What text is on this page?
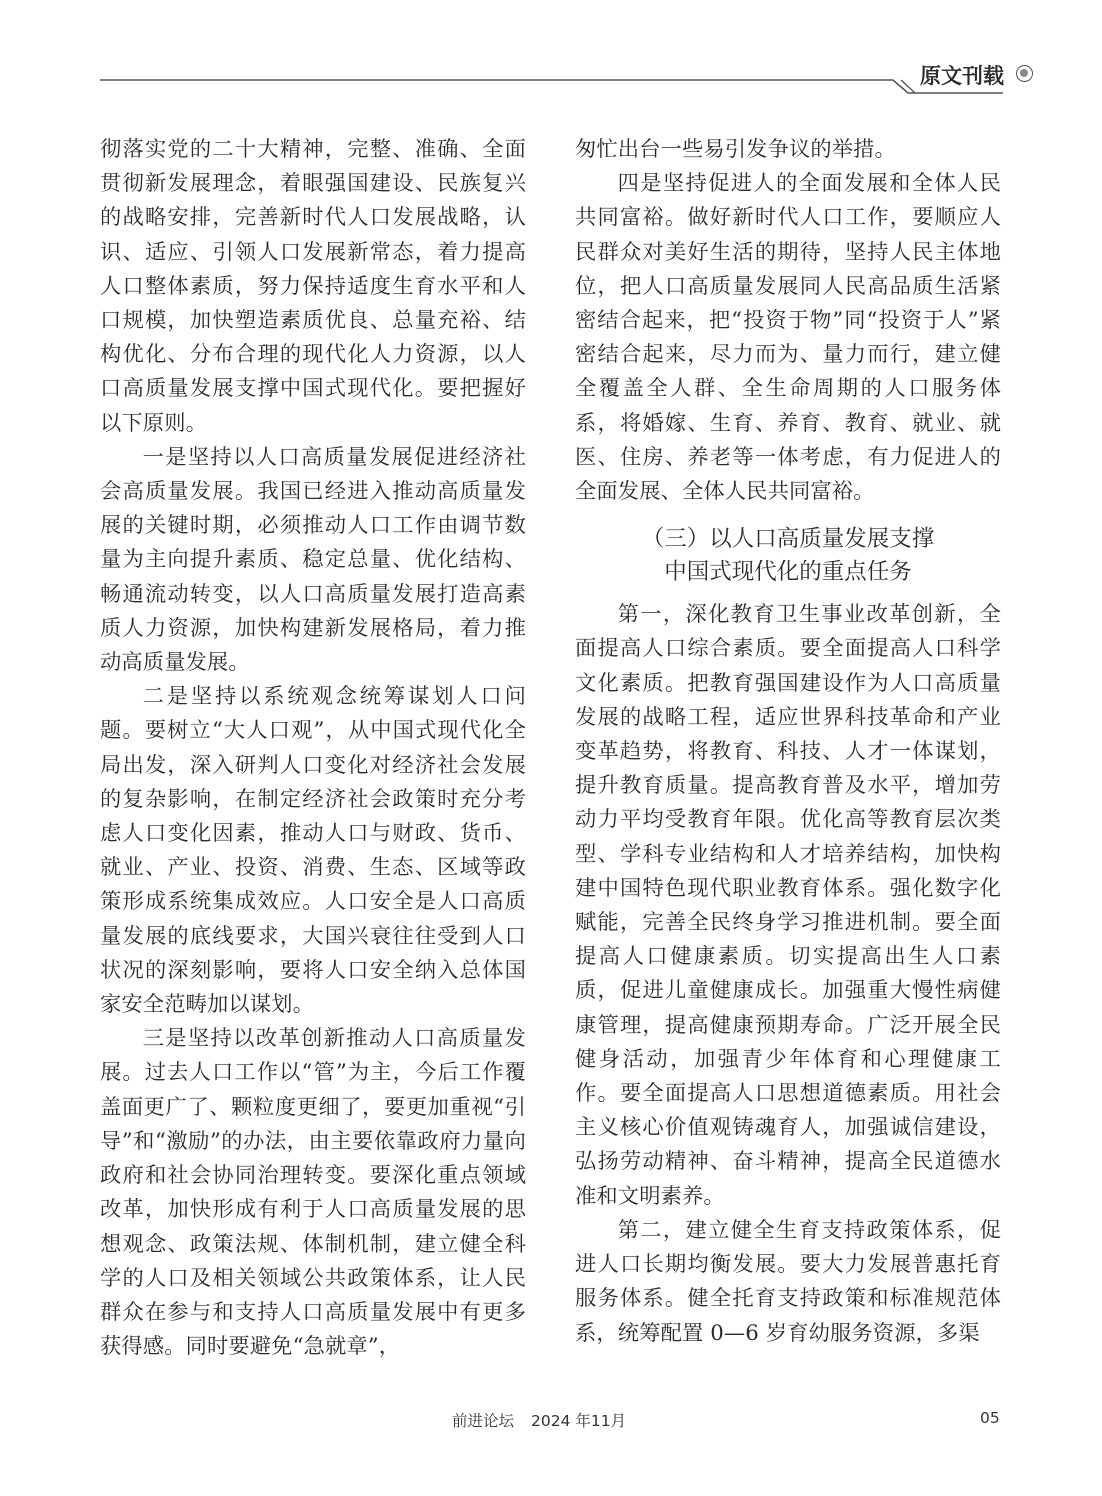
原文刊载

彻落实党的二十大精神，完整、准确、全面贯彻新发展理念，着眼强国建设、民族复兴的战略安排，完善新时代人口发展战略，认识、适应、引领人口发展新常态，着力提高人口整体素质，努力保持适度生育水平和人口规模，加快塑造素质优良、总量充裕、结构优化、分布合理的现代化人力资源，以人口高质量发展支撑中国式现代化。要把握好以下原则。

一是坚持以人口高质量发展促进经济社会高质量发展。我国已经进入推动高质量发展的关键时期，必须推动人口工作由调节数量为主向提升素质、稳定总量、优化结构、畅通流动转变，以人口高质量发展打造高素质人力资源，加快构建新发展格局，着力推动高质量发展。

二是坚持以系统观念统筹谋划人口问题。要树立“大人口观”，从中国式现代化全局出发，深入研判人口变化对经济社会发展的复杂影响，在制定经济社会政策时充分考虑人口变化因素，推动人口与财政、货币、就业、产业、投资、消费、生态、区域等政策形成系统集成效应。人口安全是人口高质量发展的底线要求，大国兴衰往往受到人口状况的深刻影响，要将人口安全纳入总体国家安全范畴加以谋划。

三是坚持以改革创新推动人口高质量发展。过去人口工作以“管”为主，今后工作覆盖面更广了、颗粒度更细了，要更加重视“引导”和“激励”的办法，由主要依靠政府力量向政府和社会协同治理转变。要深化重点领域改革，加快形成有利于人口高质量发展的思想观念、政策法规、体制机制，建立健全科学的人口及相关领域公共政策体系，让人民群众在参与和支持人口高质量发展中有更多获得感。同时要避免“急就章”，

匆忙出台一些易引发争议的举措。

四是坚持促进人的全面发展和全体人民共同富裕。做好新时代人口工作，要顺应人民群众对美好生活的期待，坚持人民主体地位，把人口高质量发展同人民高品质生活紧密结合起来，把“投资于物”同“投资于人”紧密结合起来，尽力而为、量力而行，建立健全覆盖全人群、全生命周期的人口服务体系，将婚嫁、生育、养育、教育、就业、就医、住房、养老等一体考虑，有力促进人的全面发展、全体人民共同富裕。

（三）以人口高质量发展支撑
中国式现代化的重点任务

第一，深化教育卫生事业改革创新，全面提高人口综合素质。要全面提高人口科学文化素质。把教育强国建设作为人口高质量发展的战略工程，适应世界科技革命和产业变革趋势，将教育、科技、人才一体谋划，提升教育质量。提高教育普及水平，增加劳动力平均受教育年限。优化高等教育层次类型、学科专业结构和人才培养结构，加快构建中国特色现代职业教育体系。强化数字化赋能，完善全民终身学习推进机制。要全面提高人口健康素质。切实提高出生人口素质，促进儿童健康成长。加强重大慢性病健康管理，提高健康预期寿命。广泛开展全民健身活动，加强青少年体育和心理健康工作。要全面提高人口思想道德素质。用社会主义核心价值观铸魂育人，加强诚信建设，弘扬劳动精神、奋斗精神，提高全民道德水准和文明素养。

第二，建立健全生育支持政策体系，促进人口长期均衡发展。要大力发展普惠托育服务体系。健全托育支持政策和标准规范体系，统筹配置 0—6 岁育幼服务资源，多渠

前进论坛 2024 年11月	05
